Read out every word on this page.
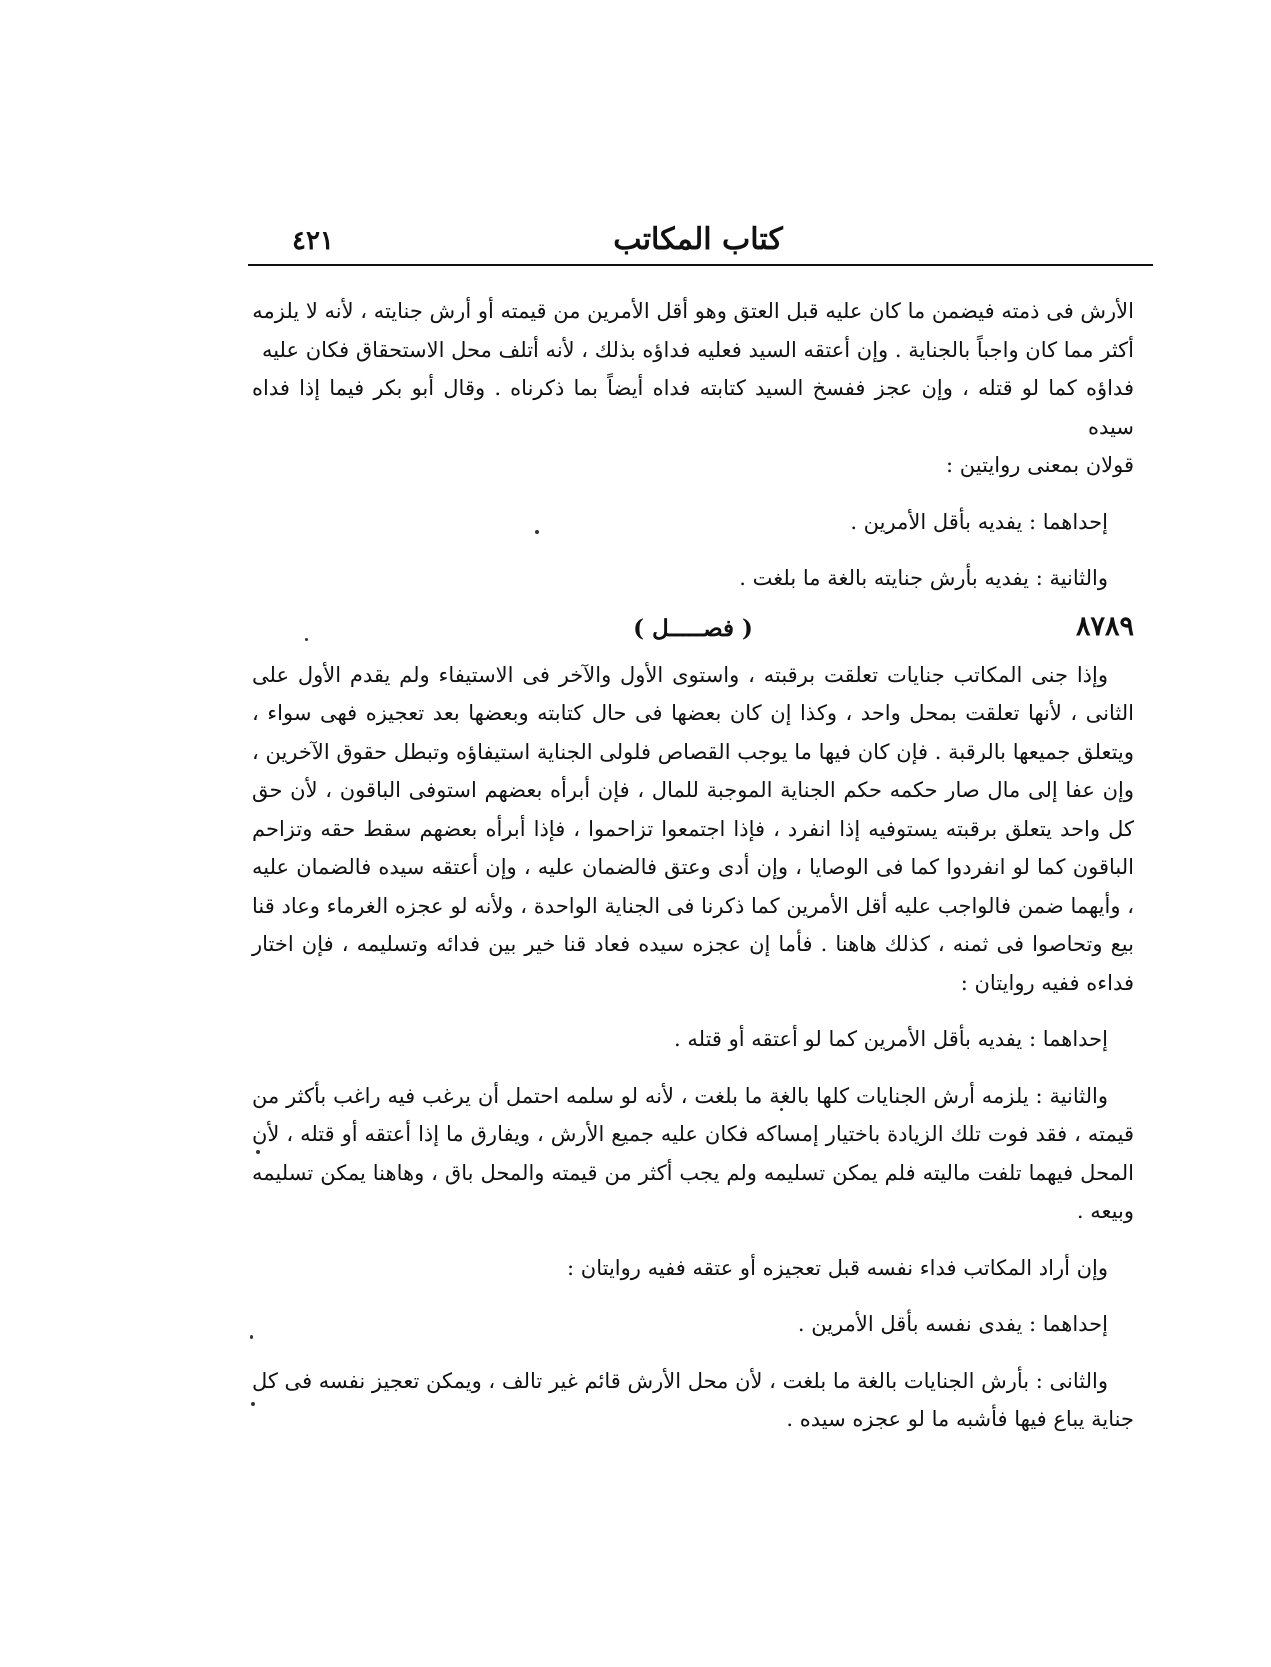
كتاب المكاتب
٤٢١

الأرش فى ذمته فيضمن ما كان عليه قبل العتق وهو أقل الأمرين من قيمته أو أرش جنايته ، لأنه لا يلزمه

أكثر مما كان واجباً بالجناية . وإن أعتقه السيد فعليه فداؤه بذلك ، لأنه أتلف محل الاستحقاق فكان عليه

فداؤه كما لو قتله ، وإن عجز ففسخ السيد كتابته فداه أيضاً بما ذكرناه . وقال أبو بكر فيما إذا فداه سيده

قولان بمعنى روايتين :

إحداهما : يفديه بأقل الأمرين .

والثانية : يفديه بأرش جنايته بالغة ما بلغت .

٨٧٨٩
( فصـــــل )

وإذا جنى المكاتب جنايات تعلقت برقبته ، واستوى الأول والآخر فى الاستيفاء ولم يقدم الأول على الثانى ، لأنها تعلقت بمحل واحد ، وكذا إن كان بعضها فى حال كتابته وبعضها بعد تعجيزه فهى سواء ، ويتعلق جميعها بالرقبة . فإن كان فيها ما يوجب القصاص فلولى الجناية استيفاؤه وتبطل حقوق الآخرين ، وإن عفا إلى مال صار حكمه حكم الجناية الموجبة للمال ، فإن أبرأه بعضهم استوفى الباقون ، لأن حق كل واحد يتعلق برقبته يستوفيه إذا انفرد ، فإذا اجتمعوا تزاحموا ، فإذا أبرأه بعضهم سقط حقه وتزاحم الباقون كما لو انفردوا كما فى الوصايا ، وإن أدى وعتق فالضمان عليه ، وإن أعتقه سيده فالضمان عليه ، وأيهما ضمن فالواجب عليه أقل الأمرين كما ذكرنا فى الجناية الواحدة ، ولأنه لو عجزه الغرماء وعاد قنا بيع وتحاصوا فى ثمنه ، كذلك هاهنا . فأما إن عجزه سيده فعاد قنا خير بين فدائه وتسليمه ، فإن اختار فداءه ففيه روايتان :

إحداهما : يفديه بأقل الأمرين كما لو أعتقه أو قتله .

والثانية : يلزمه أرش الجنايات كلها بالغة ما بلغت ، لأنه لو سلمه احتمل أن يرغب فيه راغب بأكثر من قيمته ، فقد فوت تلك الزيادة باختيار إمساكه فكان عليه جميع الأرش ، ويفارق ما إذا أعتقه أو قتله ، لأن المحل فيهما تلفت ماليته فلم يمكن تسليمه ولم يجب أكثر من قيمته والمحل باق ، وهاهنا يمكن تسليمه وبيعه .

وإن أراد المكاتب فداء نفسه قبل تعجيزه أو عتقه ففيه روايتان :

إحداهما : يفدى نفسه بأقل الأمرين .

والثانى : بأرش الجنايات بالغة ما بلغت ، لأن محل الأرش قائم غير تالف ، ويمكن تعجيز نفسه فى كل جناية يباع فيها فأشبه ما لو عجزه سيده .
